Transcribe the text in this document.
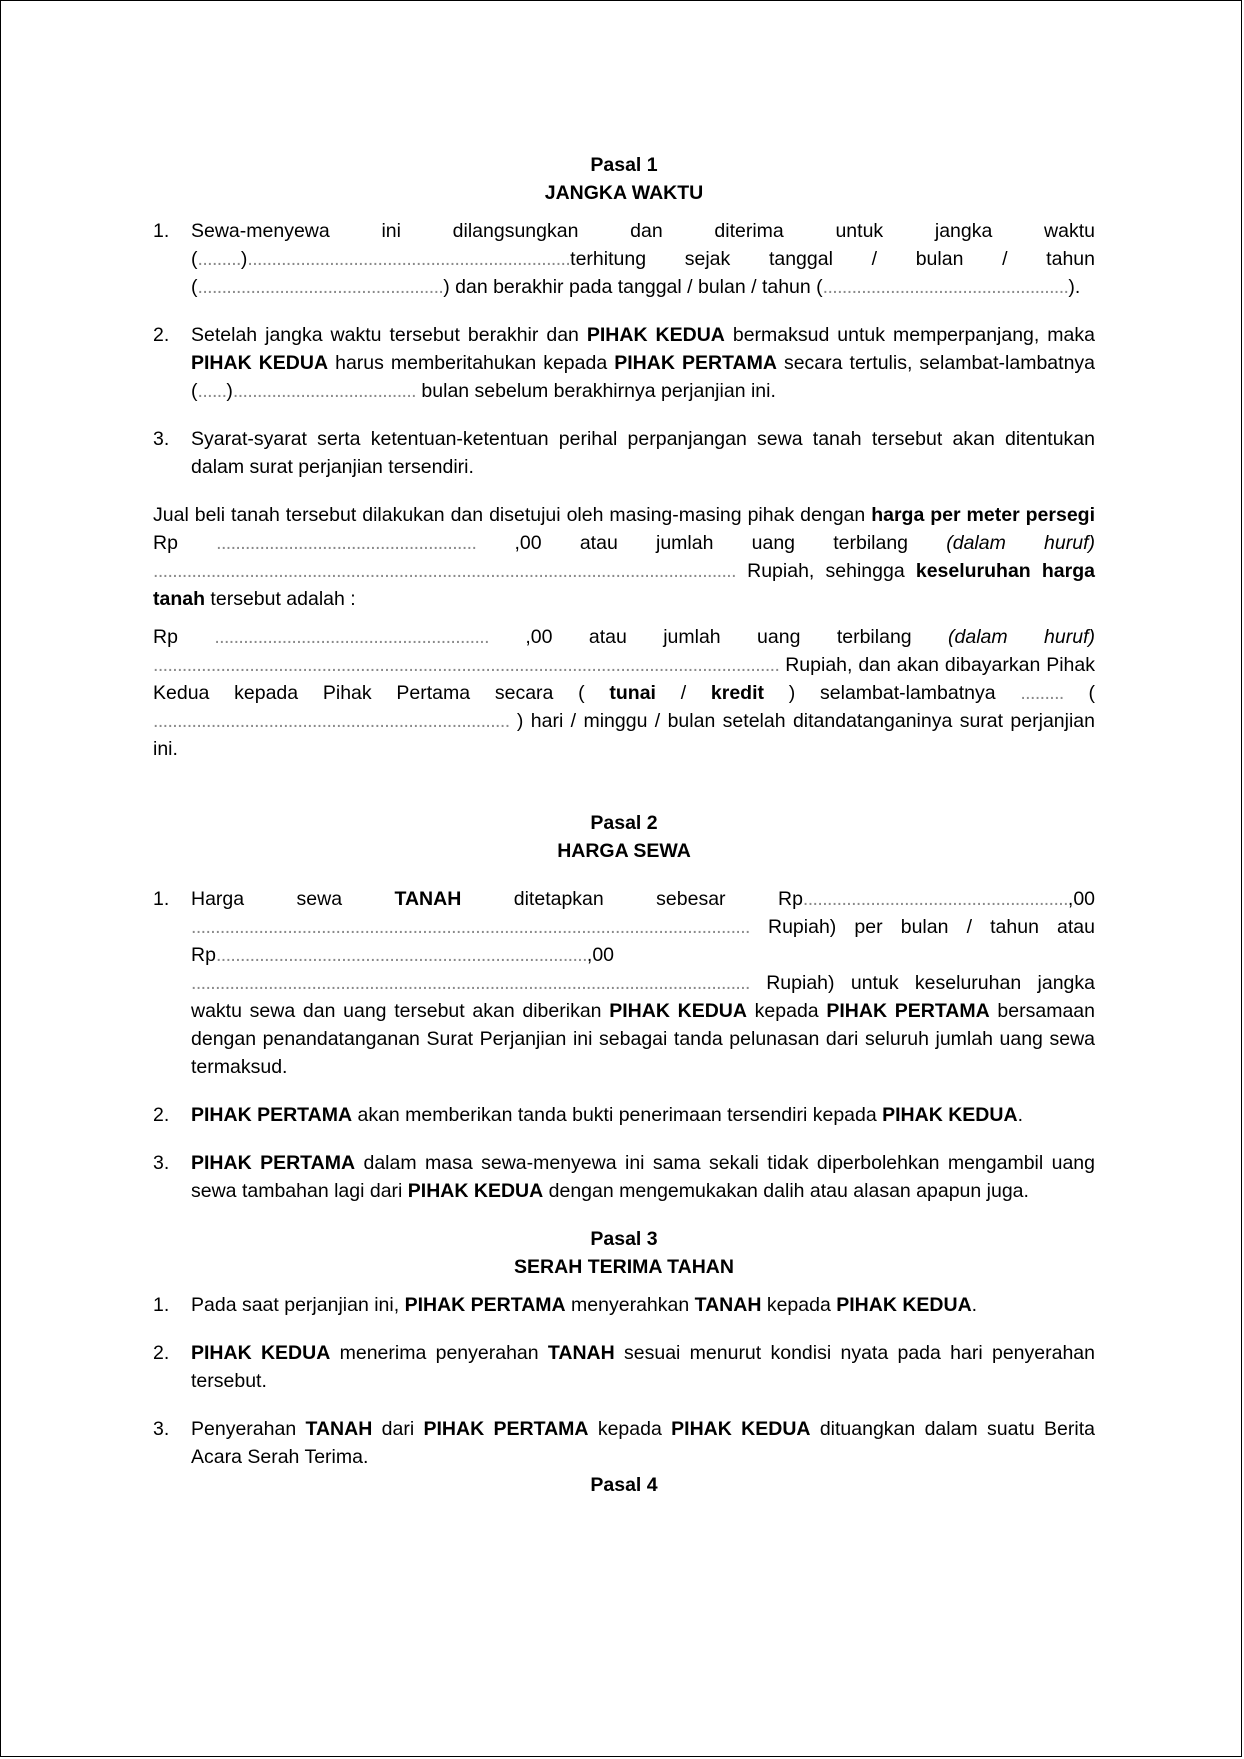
Pasal 1
JANGKA WAKTU
1. Sewa-menyewa ini dilangsungkan dan diterima untuk jangka waktu (.........)...................................................................terhitung sejak tanggal / bulan / tahun (...................................................) dan berakhir pada tanggal / bulan / tahun (...................................................).
2. Setelah jangka waktu tersebut berakhir dan PIHAK KEDUA bermaksud untuk memperpanjang, maka PIHAK KEDUA harus memberitahukan kepada PIHAK PERTAMA secara tertulis, selambat-lambatnya (......)...................................... bulan sebelum berakhirnya perjanjian ini.
3. Syarat-syarat serta ketentuan-ketentuan perihal perpanjangan sewa tanah tersebut akan ditentukan dalam surat perjanjian tersendiri.
Jual beli tanah tersebut dilakukan dan disetujui oleh masing-masing pihak dengan harga per meter persegi Rp ...................................................... ,00 atau jumlah uang terbilang (dalam huruf) ......................................................................................................................... Rupiah, sehingga keseluruhan harga tanah tersebut adalah :
Rp ......................................................... ,00 atau jumlah uang terbilang (dalam huruf) .................................................................................................................................. Rupiah, dan akan dibayarkan Pihak Kedua kepada Pihak Pertama secara ( tunai / kredit ) selambat-lambatnya ......... ( .......................................................................... ) hari / minggu / bulan setelah ditandatanganinya surat perjanjian ini.
Pasal 2
HARGA SEWA
1. Harga sewa TANAH ditetapkan sebesar Rp.......................................................,00 .................................................................................................................... Rupiah) per bulan / tahun atau Rp.............................................................................,00 .................................................................................................................... Rupiah) untuk keseluruhan jangka waktu sewa dan uang tersebut akan diberikan PIHAK KEDUA kepada PIHAK PERTAMA bersamaan dengan penandatanganan Surat Perjanjian ini sebagai tanda pelunasan dari seluruh jumlah uang sewa termaksud.
2. PIHAK PERTAMA akan memberikan tanda bukti penerimaan tersendiri kepada PIHAK KEDUA.
3. PIHAK PERTAMA dalam masa sewa-menyewa ini sama sekali tidak diperbolehkan mengambil uang sewa tambahan lagi dari PIHAK KEDUA dengan mengemukakan dalih atau alasan apapun juga.
Pasal 3
SERAH TERIMA TAHAN
1. Pada saat perjanjian ini, PIHAK PERTAMA menyerahkan TANAH kepada PIHAK KEDUA.
2. PIHAK KEDUA menerima penyerahan TANAH sesuai menurut kondisi nyata pada hari penyerahan tersebut.
3. Penyerahan TANAH dari PIHAK PERTAMA kepada PIHAK KEDUA dituangkan dalam suatu Berita Acara Serah Terima.
Pasal 4
